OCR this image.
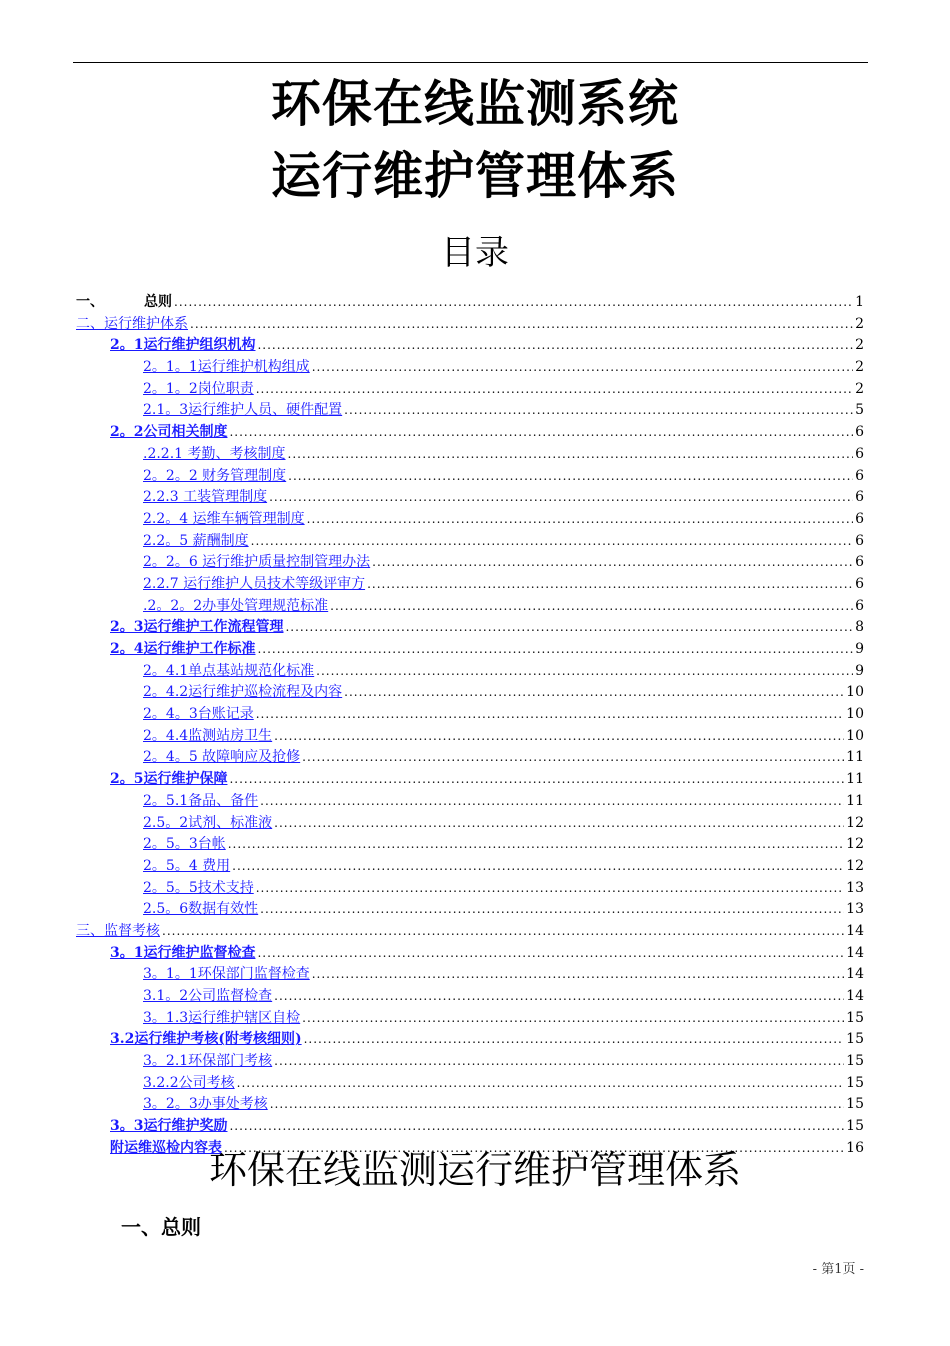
环保在线监测系统
运行维护管理体系
目录
一、	总则 .....	1
二、运行维护体系 .....	2
2。1运行维护组织机构 .....	2
2。1。1运行维护机构组成 .....	2
2。1。2岗位职责 .....	2
2.1。3运行维护人员、硬件配置 .....	5
2。2公司相关制度 .....	6
.2.2.1 考勤、考核制度 .....	6
2。2。2 财务管理制度 .....	6
2.2.3 工装管理制度 .....	6
2.2。4 运维车辆管理制度 .....	6
2.2。5 薪酬制度 .....	6
2。2。6 运行维护质量控制管理办法 .....	6
2.2.7 运行维护人员技术等级评审方 .....	6
.2。2。2办事处管理规范标准 .....	6
2。3运行维护工作流程管理 .....	8
2。4运行维护工作标准 .....	9
2。4.1单点基站规范化标准 .....	9
2。4.2运行维护巡检流程及内容 .....	10
2。4。3台账记录 .....	10
2。4.4监测站房卫生 .....	10
2。4。5 故障响应及抢修 .....	11
2。5运行维护保障 .....	11
2。5.1备品、备件 .....	11
2.5。2试剂、标准液 .....	12
2。5。3台帐 .....	12
2。5。4 费用 .....	12
2。5。5技术支持 .....	13
2.5。6数据有效性 .....	13
三、监督考核 .....	14
3。1运行维护监督检查 .....	14
3。1。1环保部门监督检查 .....	14
3.1。2公司监督检查 .....	14
3。1.3运行维护辖区自检 .....	15
3.2运行维护考核(附考核细则) .....	15
3。2.1环保部门考核 .....	15
3.2.2公司考核 .....	15
3。2。3办事处考核 .....	15
3。3运行维护奖励 .....	15
附运维巡检内容表 .....	16
环保在线监测运行维护管理体系
一、总则
- 第1页 -
